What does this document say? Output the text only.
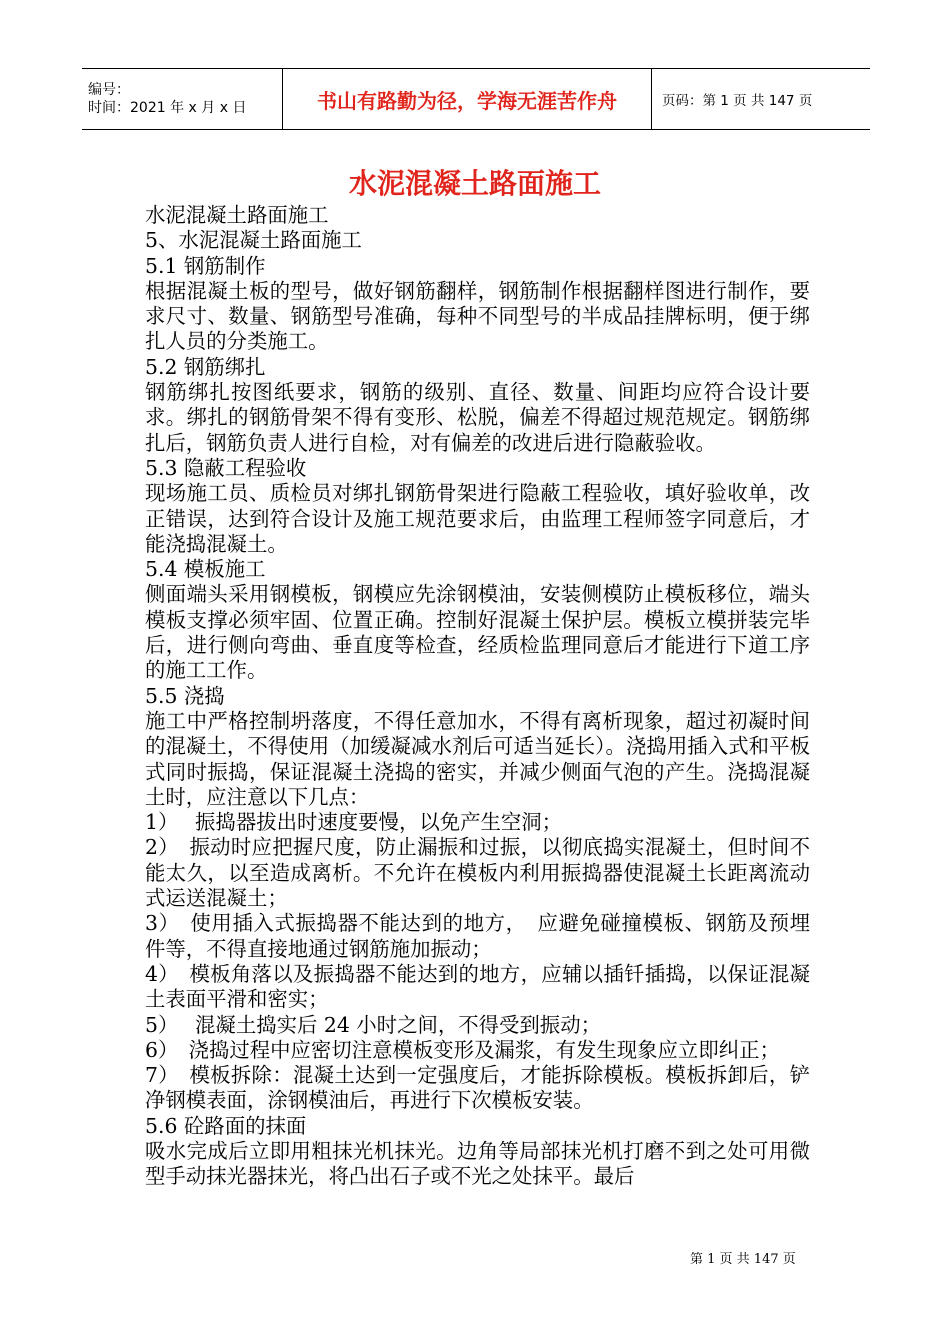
编号：
时间：2021 年 x 月 x 日	书山有路勤为径，学海无涯苦作舟	页码：第 1 页 共 147 页
水泥混凝土路面施工

水泥混凝土路面施工

5、水泥混凝土路面施工

5.1 钢筋制作

根据混凝土板的型号，做好钢筋翻样，钢筋制作根据翻样图进行制作，要求尺寸、数量、钢筋型号准确，每种不同型号的半成品挂牌标明，便于绑扎人员的分类施工。

5.2 钢筋绑扎

钢筋绑扎按图纸要求，钢筋的级别、直径、数量、间距均应符合设计要求。绑扎的钢筋骨架不得有变形、松脱，偏差不得超过规范规定。钢筋绑扎后，钢筋负责人进行自检，对有偏差的改进后进行隐蔽验收。

5.3 隐蔽工程验收

现场施工员、质检员对绑扎钢筋骨架进行隐蔽工程验收，填好验收单，改正错误，达到符合设计及施工规范要求后，由监理工程师签字同意后，才能浇捣混凝土。

5.4 模板施工

侧面端头采用钢模板，钢模应先涂钢模油，安装侧模防止模板移位，端头模板支撑必须牢固、位置正确。控制好混凝土保护层。模板立模拼装完毕后，进行侧向弯曲、垂直度等检查，经质检监理同意后才能进行下道工序的施工工作。

5.5 浇捣

施工中严格控制坍落度，不得任意加水，不得有离析现象，超过初凝时间的混凝土，不得使用（加缓凝减水剂后可适当延长）。浇捣用插入式和平板式同时振捣，保证混凝土浇捣的密实，并减少侧面气泡的产生。浇捣混凝土时，应注意以下几点：

1）　 振捣器拔出时速度要慢，以免产生空洞；

2）　振动时应把握尺度，防止漏振和过振，以彻底捣实混凝土，但时间不能太久，以至造成离析。不允许在模板内利用振捣器使混凝土长距离流动式运送混凝土；

3）　使用插入式振捣器不能达到的地方，　应避免碰撞模板、钢筋及预埋件等，不得直接地通过钢筋施加振动；

4）　模板角落以及振捣器不能达到的地方，应辅以插钎插捣，以保证混凝土表面平滑和密实；

5）　 混凝土捣实后 24 小时之间，不得受到振动；

6）　浇捣过程中应密切注意模板变形及漏浆，有发生现象应立即纠正；

7）　模板拆除：混凝土达到一定强度后，才能拆除模板。模板拆卸后，铲净钢模表面，涂钢模油后，再进行下次模板安装。

5.6 砼路面的抹面

吸水完成后立即用粗抹光机抹光。边角等局部抹光机打磨不到之处可用微型手动抹光器抹光，将凸出石子或不光之处抹平。最后

第 1 页 共 147 页
